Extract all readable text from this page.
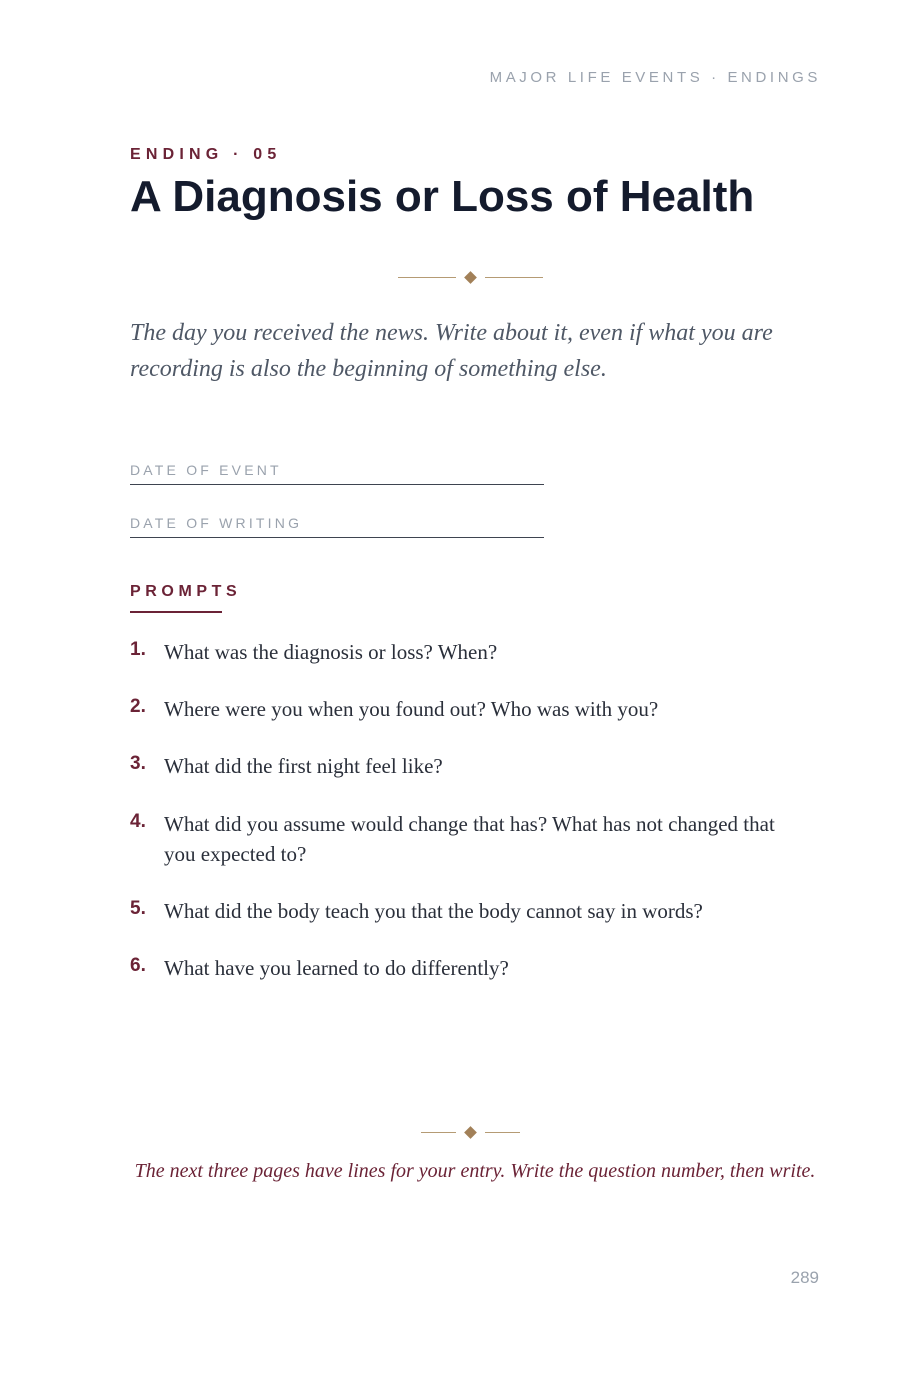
MAJOR LIFE EVENTS · ENDINGS
ENDING · 05
A Diagnosis or Loss of Health

The day you received the news. Write about it, even if what you are recording is also the beginning of something else.

DATE OF EVENT
DATE OF WRITING
PROMPTS
1. What was the diagnosis or loss? When?
2. Where were you when you found out? Who was with you?
3. What did the first night feel like?
4. What did you assume would change that has? What has not changed that you expected to?
5. What did the body teach you that the body cannot say in words?
6. What have you learned to do differently?

The next three pages have lines for your entry. Write the question number, then write.

289
